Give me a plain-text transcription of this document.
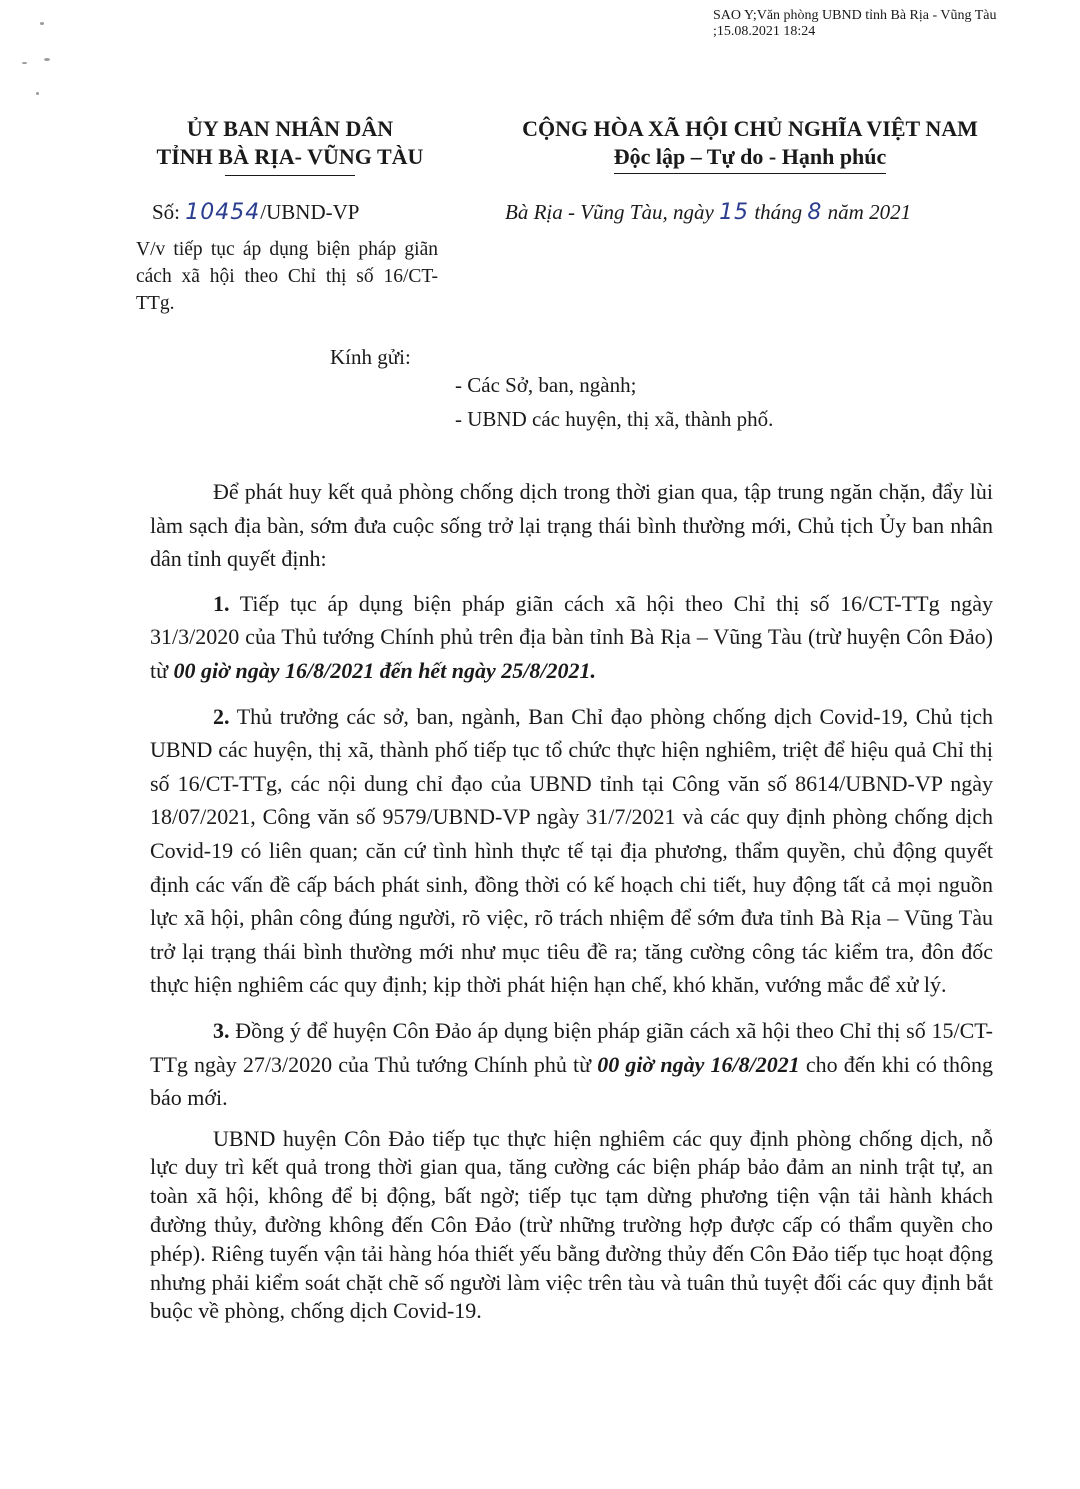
SAO Y;Văn phòng UBND tỉnh Bà Rịa - Vũng Tàu
;15.08.2021 18:24
ỦY BAN NHÂN DÂN
TỈNH BÀ RỊA- VŨNG TÀU
CỘNG HÒA XÃ HỘI CHỦ NGHĨA VIỆT NAM
Độc lập – Tự do - Hạnh phúc
Số: 10454/UBND-VP	Bà Rịa - Vũng Tàu, ngày 15 tháng 8 năm 2021
V/v tiếp tục áp dụng biện pháp giãn cách xã hội theo Chỉ thị số 16/CT-TTg.
Kính gửi:
- Các Sở, ban, ngành;
- UBND các huyện, thị xã, thành phố.

Để phát huy kết quả phòng chống dịch trong thời gian qua, tập trung ngăn chặn, đẩy lùi làm sạch địa bàn, sớm đưa cuộc sống trở lại trạng thái bình thường mới, Chủ tịch Ủy ban nhân dân tỉnh quyết định:

1. Tiếp tục áp dụng biện pháp giãn cách xã hội theo Chỉ thị số 16/CT-TTg ngày 31/3/2020 của Thủ tướng Chính phủ trên địa bàn tỉnh Bà Rịa – Vũng Tàu (trừ huyện Côn Đảo) từ 00 giờ ngày 16/8/2021 đến hết ngày 25/8/2021.

2. Thủ trưởng các sở, ban, ngành, Ban Chỉ đạo phòng chống dịch Covid-19, Chủ tịch UBND các huyện, thị xã, thành phố tiếp tục tổ chức thực hiện nghiêm, triệt để hiệu quả Chỉ thị số 16/CT-TTg, các nội dung chỉ đạo của UBND tỉnh tại Công văn số 8614/UBND-VP ngày 18/07/2021, Công văn số 9579/UBND-VP ngày 31/7/2021 và các quy định phòng chống dịch Covid-19 có liên quan; căn cứ tình hình thực tế tại địa phương, thẩm quyền, chủ động quyết định các vấn đề cấp bách phát sinh, đồng thời có kế hoạch chi tiết, huy động tất cả mọi nguồn lực xã hội, phân công đúng người, rõ việc, rõ trách nhiệm để sớm đưa tỉnh Bà Rịa – Vũng Tàu trở lại trạng thái bình thường mới như mục tiêu đề ra; tăng cường công tác kiểm tra, đôn đốc thực hiện nghiêm các quy định; kịp thời phát hiện hạn chế, khó khăn, vướng mắc để xử lý.

3. Đồng ý để huyện Côn Đảo áp dụng biện pháp giãn cách xã hội theo Chỉ thị số 15/CT-TTg ngày 27/3/2020 của Thủ tướng Chính phủ từ 00 giờ ngày 16/8/2021 cho đến khi có thông báo mới.

UBND huyện Côn Đảo tiếp tục thực hiện nghiêm các quy định phòng chống dịch, nỗ lực duy trì kết quả trong thời gian qua, tăng cường các biện pháp bảo đảm an ninh trật tự, an toàn xã hội, không để bị động, bất ngờ; tiếp tục tạm dừng phương tiện vận tải hành khách đường thủy, đường không đến Côn Đảo (trừ những trường hợp được cấp có thẩm quyền cho phép). Riêng tuyến vận tải hàng hóa thiết yếu bằng đường thủy đến Côn Đảo tiếp tục hoạt động nhưng phải kiểm soát chặt chẽ số người làm việc trên tàu và tuân thủ tuyệt đối các quy định bắt buộc về phòng, chống dịch Covid-19.
